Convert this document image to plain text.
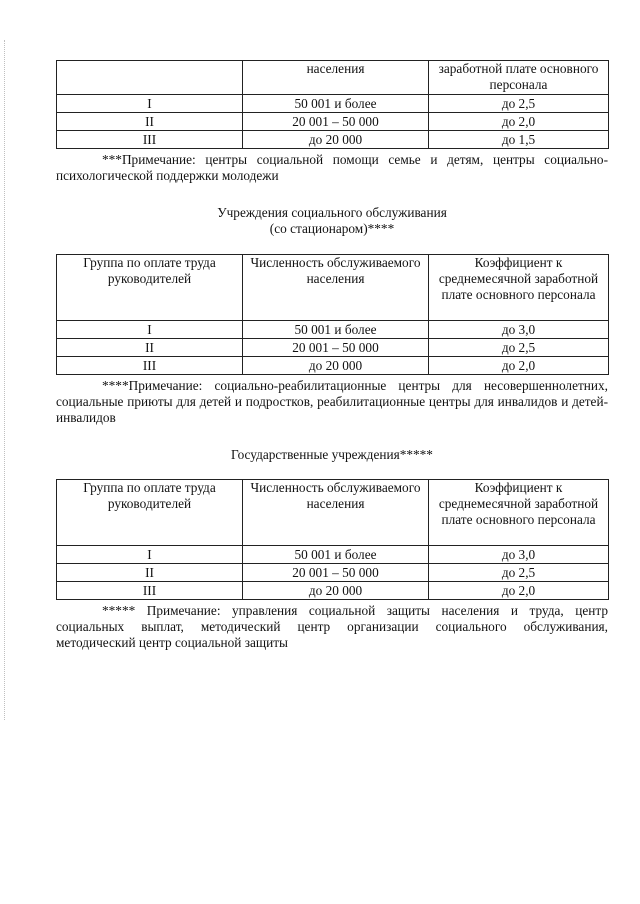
	населения	заработной плате основного персонала
I	50 001 и более	до 2,5
II	20 001 – 50 000	до 2,0
III	до 20 000	до 1,5
***Примечание: центры социальной помощи семье и детям, центры социально-психологической поддержки молодежи
Учреждения социального обслуживания
(со стационаром)****
Группа по оплате труда руководителей	Численность обслуживаемого населения	Коэффициент к среднемесячной заработной плате основного персонала
I	50 001 и более	до 3,0
II	20 001 – 50 000	до 2,5
III	до 20 000	до 2,0
****Примечание: социально-реабилитационные центры для несовершеннолетних, социальные приюты для детей и подростков, реабилитационные центры для инвалидов и детей-инвалидов
Государственные учреждения*****
Группа по оплате труда руководителей	Численность обслуживаемого населения	Коэффициент к среднемесячной заработной плате основного персонала
I	50 001 и более	до 3,0
II	20 001 – 50 000	до 2,5
III	до 20 000	до 2,0
***** Примечание: управления социальной защиты населения и труда, центр социальных выплат, методический центр организации социального обслуживания, методический центр социальной защиты
